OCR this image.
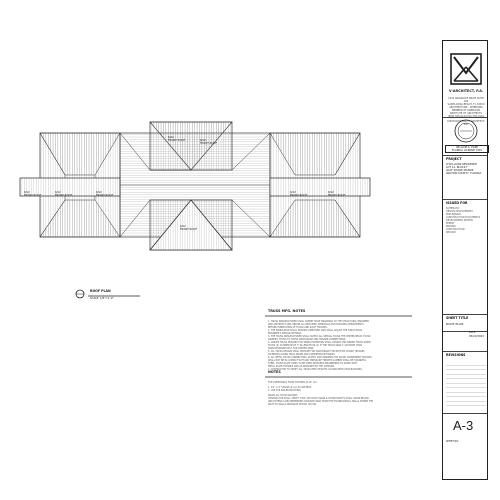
6/12
FRONT ROOF	6/12
FRONT ROOF
6/12
FRONT ROOF
6/12
FRONT ROOF
6/12
FRONT ROOF
6/12
FRONT ROOF
6/12
FRONT ROOF
6/12
FRONT ROOF
ROOF PLAN
SCALE: 1/8"=1'-0"
TRUSS MFG. NOTES
1. TRUSS MANUFACTURER SHALL SUBMIT SHOP DRAWINGS TO THE STRUCTURAL ENGINEER
AND ARCHITECT AND OBTAIN ALL REQUIRED APPROVALS FOR BUILDING DEPARTMENTS
BEFORE FABRICATION OF FLOOR AND ROOF TRUSSES.
2. THE FABRICATOR SHALL PROVIDE APPROVED AND SHALL ADJUST THE STRUCTURAL
ENGINEER'S DESIGN CRITERIA.
3. THE TRUSS MANUFACTURER SHALL SUPPLY ALL SPECIAL TRUSS THE CENTER BEAM, TRUSS
GIRDERS, TRUSS TO TRUSS ANCHORAGE AND HANGER CONNECTIONS.
4. GIRDER TRUSS DESIGNS FOR SPANS EXCEEDING SHALL DESIGN THE GIRDER TRUSS WHEN
TRUSS (4) IS MINIMUM OF 3' IN LENGTH OR (1) IF THE TRUSS SPAN 1' OR MORE THAN
SPAN DESIGNATION 4' FOR CENTER SPAN.
5. ALL TRUSS DESIGN SHALL PROVIDE FOR ANCHORAGE FOR BOTTOM CHORD TRUSSES
ON BEAMS ALONG HOLD-DOWN AND COMPRESSION FORCES.
6. ALL METAL TRUSS CONNECTORS, PLATES AND HANGERS FOR WOOD COMPONENT TRUSSES
SHALL NOT BE IN CONTACT WITH ANY PRESSURE TREATED LUMBER SHALL BE STAINLESS
STEEL. TRUSS PLATE SIZES TO BE SIZED REQUIRED ENGINEERED TO WORK WITH
METAL PLATE TRUSSES AND AS REQUIRED BY THE SUPPLIER.
7. CONTRACTOR TO VERIFY ALL TRUSS HEEL HEIGHTS AS INDICATED ON ELEVATIONS.
NOTES
FOR OVERHANGS FROM TRUSSES @ 24" O.C.
1. 1/2" X 4" STRAPS @ ALL 4X RAFTERS
2. USE 2X8 NAILER BLOCKING
DRAIN ALL TRUSS NAILERS
CONTRACTOR SHALL VERIFY THAT ANY ROOF DRAIN & DOWN SPOUTS SHALL DRAIN BELOW
AND EXTEND A RECOMMENDED DISTANCE AWAY FROM THE FOUNDATION & WALLS WHERE THE
ROOF TO WALLS DRAINAGE WOULD OCCUR.
V·ARCHITECT, P.A.
1234 SEAGROVE DRIVE SUITE 100
SANTA ROSA BEACH, FL 32459
ARCHITECTURE - INTERIORS
MEMBER OF AMERICAN INSTITUTE OF ARCHITECTS
(850) 555-0100 FAX 555-0101
COPYRIGHT 2023 V·ARCHITECT, P.A.
WILLIAM A. POPE
FLORIDA LICENSE 7991
PROJECT
O'SULLIVAN RESIDENCE
LOT 12, BLOCK F
GULF SHORE MANOR
WALTON COUNTY, FLORIDA
ISSUED FOR
SCHEMATIC
DESIGN DEVELOPMENT
PRELIMINARY
CONSTRUCTION DOCUMENTS
DEVELOPMENT REVIEW
PERMIT
BIDDING
CONSTRUCTION
RECORD
SHEET TITLE
ROOF PLAN
DATE
05/22/2023
REVISIONS
A-3
SHEET NO.
